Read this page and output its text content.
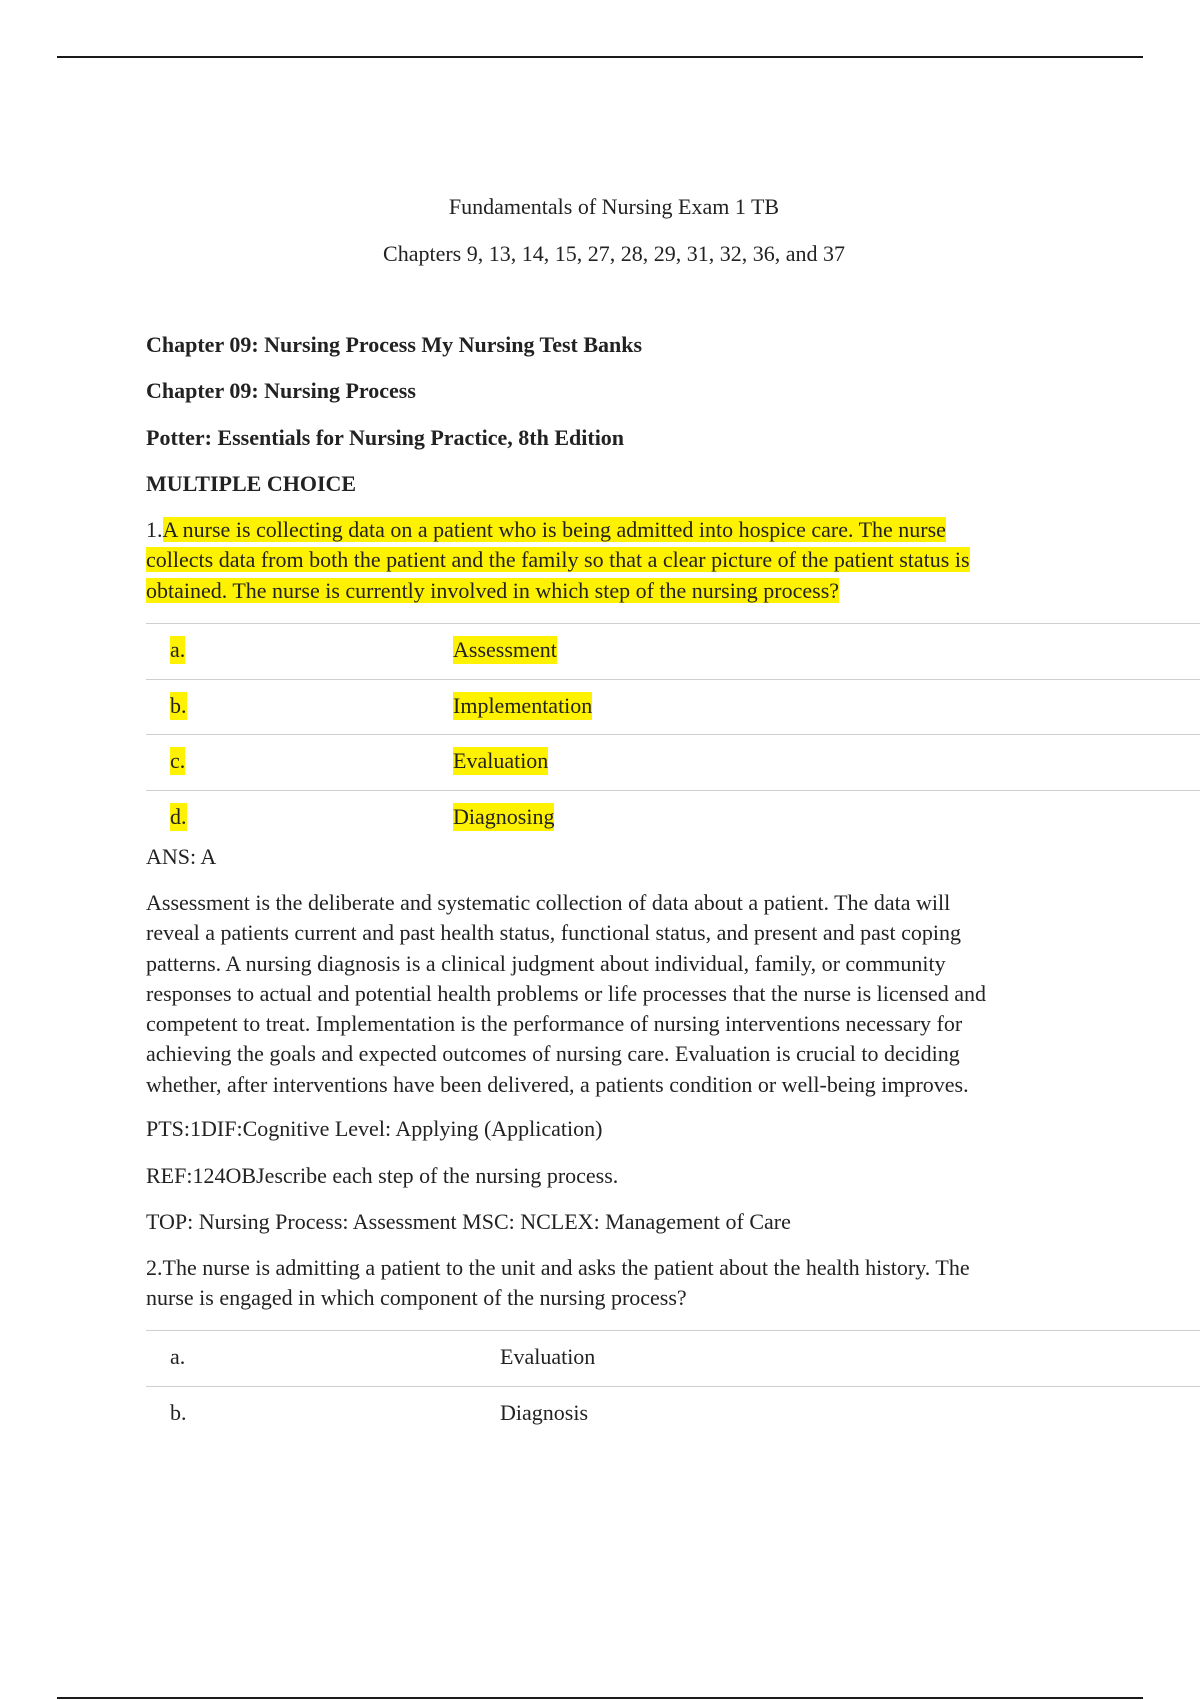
Fundamentals of Nursing Exam 1 TB
Chapters 9, 13, 14, 15, 27, 28, 29, 31, 32, 36, and 37
Chapter 09: Nursing Process My Nursing Test Banks
Chapter 09: Nursing Process
Potter: Essentials for Nursing Practice, 8th Edition
MULTIPLE CHOICE
1.A nurse is collecting data on a patient who is being admitted into hospice care. The nurse
collects data from both the patient and the family so that a clear picture of the patient status is
obtained. The nurse is currently involved in which step of the nursing process?
a.	Assessment
b.	Implementation
c.	Evaluation
d.	Diagnosing
ANS: A
Assessment is the deliberate and systematic collection of data about a patient. The data will
reveal a patients current and past health status, functional status, and present and past coping
patterns. A nursing diagnosis is a clinical judgment about individual, family, or community
responses to actual and potential health problems or life processes that the nurse is licensed and
competent to treat. Implementation is the performance of nursing interventions necessary for
achieving the goals and expected outcomes of nursing care. Evaluation is crucial to deciding
whether, after interventions have been delivered, a patients condition or well-being improves.
PTS:1DIF:Cognitive Level: Applying (Application)
REF:124OBJescribe each step of the nursing process.
TOP: Nursing Process: Assessment MSC: NCLEX: Management of Care
2.The nurse is admitting a patient to the unit and asks the patient about the health history. The
nurse is engaged in which component of the nursing process?
a.	Evaluation
b.	Diagnosis
